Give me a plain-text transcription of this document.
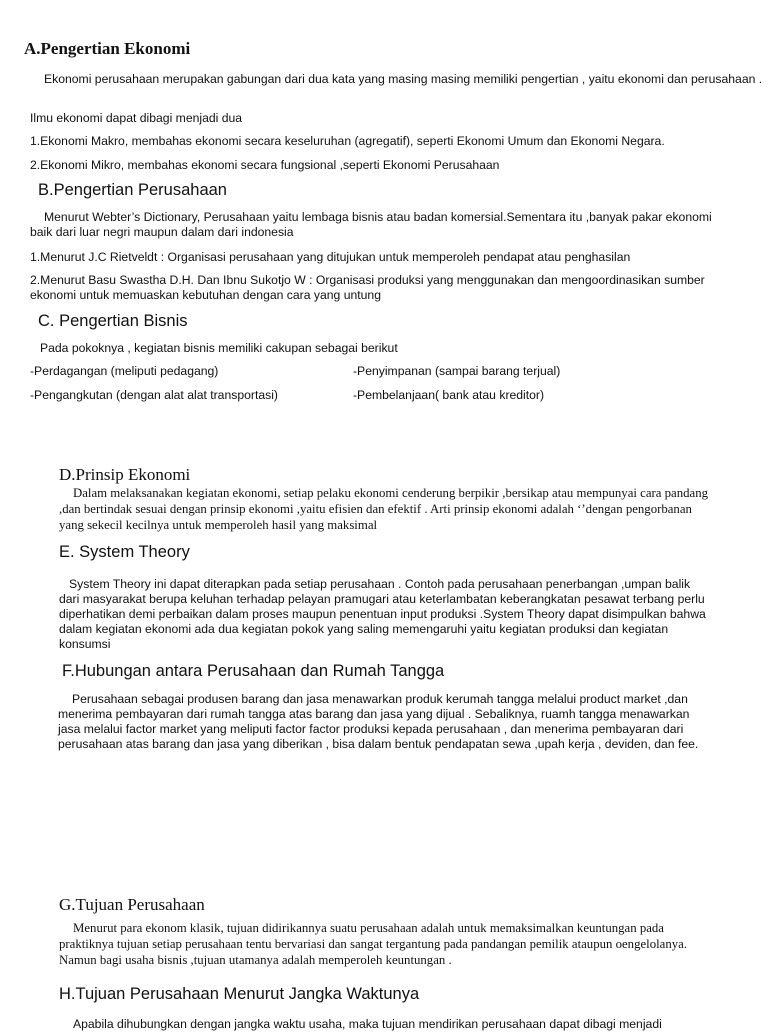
A.Pengertian Ekonomi

Ekonomi perusahaan merupakan gabungan dari dua kata yang masing masing memiliki pengertian , yaitu ekonomi dan perusahaan .

Ilmu ekonomi dapat dibagi menjadi dua

1.Ekonomi Makro, membahas ekonomi secara keseluruhan (agregatif), seperti Ekonomi Umum dan Ekonomi Negara.

2.Ekonomi Mikro, membahas ekonomi secara fungsional ,seperti Ekonomi Perusahaan

B.Pengertian Perusahaan

Menurut Webter’s Dictionary, Perusahaan yaitu lembaga bisnis atau badan komersial.Sementara itu ,banyak pakar ekonomi baik dari luar negri maupun dalam dari indonesia

1.Menurut J.C Rietveldt : Organisasi perusahaan yang ditujukan untuk memperoleh pendapat atau penghasilan

2.Menurut Basu Swastha D.H. Dan Ibnu Sukotjo W : Organisasi produksi yang menggunakan dan mengoordinasikan sumber ekonomi untuk memuaskan kebutuhan dengan cara yang untung

C. Pengertian Bisnis

Pada pokoknya , kegiatan bisnis memiliki cakupan sebagai berikut

-Perdagangan (meliputi pedagang)	-Penyimpanan (sampai barang terjual)

-Pengangkutan (dengan alat alat transportasi)	-Pembelanjaan( bank atau kreditor)

D.Prinsip Ekonomi

Dalam melaksanakan kegiatan ekonomi, setiap pelaku ekonomi cenderung berpikir ,bersikap atau mempunyai cara pandang ,dan bertindak sesuai dengan prinsip ekonomi ,yaitu efisien dan efektif . Arti prinsip ekonomi adalah ‘’dengan pengorbanan yang sekecil kecilnya untuk memperoleh hasil yang maksimal

E. System Theory

System Theory ini dapat diterapkan pada setiap perusahaan . Contoh pada perusahaan penerbangan ,umpan balik dari masyarakat berupa keluhan terhadap pelayan pramugari atau keterlambatan keberangkatan pesawat terbang perlu diperhatikan demi perbaikan dalam proses maupun penentuan input produksi .System Theory dapat disimpulkan bahwa dalam kegiatan ekonomi ada dua kegiatan pokok yang saling memengaruhi yaitu kegiatan produksi dan kegiatan konsumsi

F.Hubungan antara Perusahaan dan Rumah Tangga

Perusahaan sebagai produsen barang dan jasa menawarkan produk kerumah tangga melalui product market ,dan menerima pembayaran dari rumah tangga atas barang dan jasa yang dijual . Sebaliknya, ruamh tangga menawarkan jasa melalui factor market yang meliputi factor factor produksi kepada perusahaan , dan menerima pembayaran dari perusahaan atas barang dan jasa yang diberikan , bisa dalam bentuk pendapatan sewa ,upah kerja , deviden, dan fee.

G.Tujuan Perusahaan

Menurut para ekonom klasik, tujuan didirikannya suatu perusahaan adalah untuk memaksimalkan keuntungan pada praktiknya tujuan setiap perusahaan tentu bervariasi dan sangat tergantung pada pandangan pemilik ataupun oengelolanya. Namun bagi usaha bisnis ,tujuan utamanya adalah memperoleh keuntungan .

H.Tujuan Perusahaan Menurut Jangka Waktunya

Apabila dihubungkan dengan jangka waktu usaha, maka tujuan mendirikan perusahaan dapat dibagi menjadi
